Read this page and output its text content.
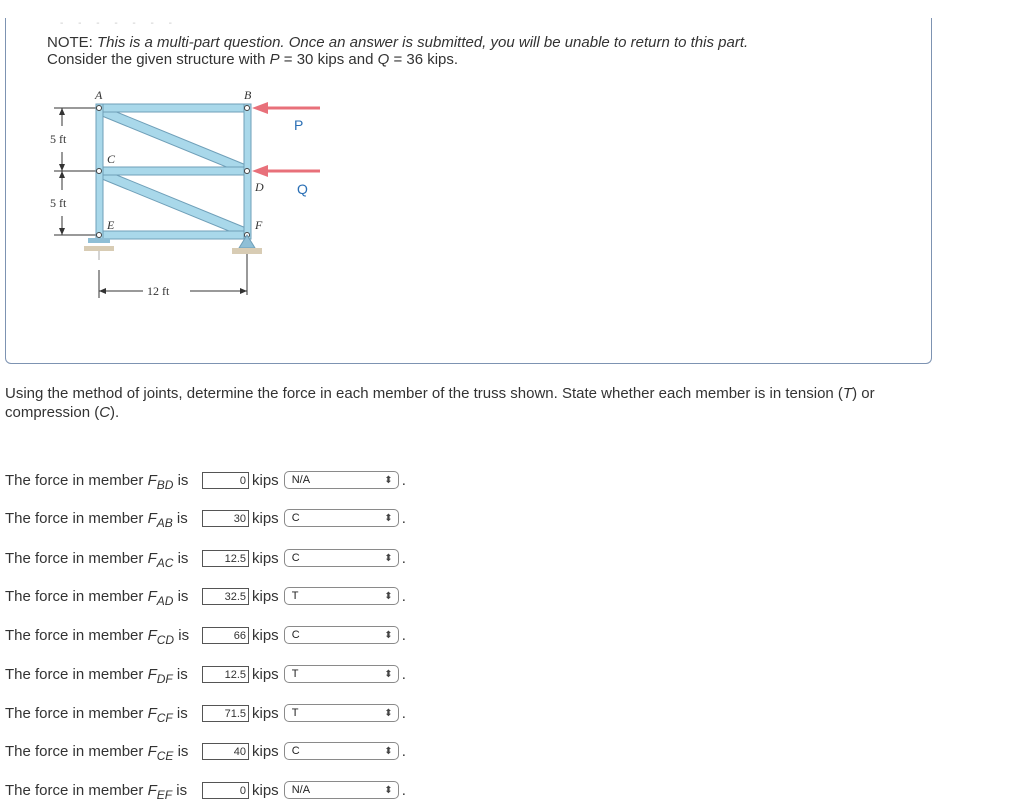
- - - - - - -
NOTE: This is a multi-part question. Once an answer is submitted, you will be unable to return to this part.
Consider the given structure with P = 30 kips and Q = 36 kips.
5 ft
5 ft
12 ft
P
Q
A	B
C
D
E	F
Using the method of joints, determine the force in each member of the truss shown. State whether each member is in tension (T) or compression (C).
The force in member $F_{BD}$ is	0 kips	N/A	⬍ .
The force in member $F_{AB}$ is	30 kips	C	⬍ .
The force in member $F_{AC}$ is	12.5 kips	C	⬍ .
The force in member $F_{AD}$ is	32.5 kips	T	⬍ .
The force in member $F_{CD}$ is	66 kips	C	⬍ .
The force in member $F_{DF}$ is	12.5 kips	T	⬍ .
The force in member $F_{CF}$ is	71.5 kips	T	⬍ .
The force in member $F_{CE}$ is	40 kips	C	⬍ .
The force in member $F_{EF}$ is	0 kips	N/A	⬍ .
